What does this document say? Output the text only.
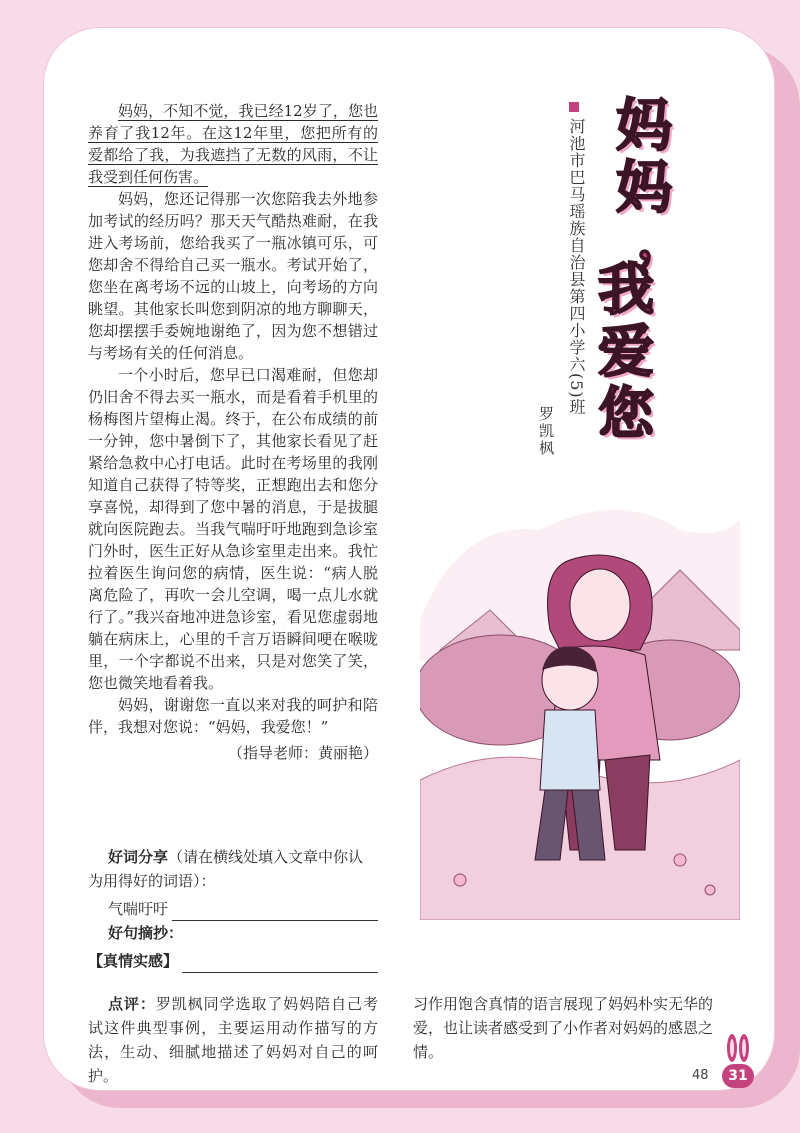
妈妈，不知不觉，我已经12岁了，您也养育了我12年。在这12年里，您把所有的爱都给了我，为我遮挡了无数的风雨，不让我受到任何伤害。

妈妈，您还记得那一次您陪我去外地参加考试的经历吗？那天天气酷热难耐，在我进入考场前，您给我买了一瓶冰镇可乐，可您却舍不得给自己买一瓶水。考试开始了，您坐在离考场不远的山坡上，向考场的方向眺望。其他家长叫您到阴凉的地方聊聊天，您却摆摆手委婉地谢绝了，因为您不想错过与考场有关的任何消息。

一个小时后，您早已口渴难耐，但您却仍旧舍不得去买一瓶水，而是看着手机里的杨梅图片望梅止渴。终于，在公布成绩的前一分钟，您中暑倒下了，其他家长看见了赶紧给急救中心打电话。此时在考场里的我刚知道自己获得了特等奖，正想跑出去和您分享喜悦，却得到了您中暑的消息，于是拔腿就向医院跑去。当我气喘吁吁地跑到急诊室门外时，医生正好从急诊室里走出来。我忙拉着医生询问您的病情，医生说：“病人脱离危险了，再吹一会儿空调，喝一点儿水就行了。”我兴奋地冲进急诊室，看见您虚弱地躺在病床上，心里的千言万语瞬间哽在喉咙里，一个字都说不出来，只是对您笑了笑，您也微笑地看着我。

妈妈，谢谢您一直以来对我的呵护和陪伴，我想对您说：“妈妈，我爱您！”

（指导老师：黄丽艳）
好词分享（请在横线处填入文章中你认为用得好的词语）：
气喘吁吁
好句摘抄：
【真情实感】
点评：罗凯枫同学选取了妈妈陪自己考试这件典型事例，主要运用动作描写的方法，生动、细腻地描述了妈妈对自己的呵护。
习作用饱含真情的语言展现了妈妈朴实无华的爱，也让读者感受到了小作者对妈妈的感恩之情。
河池市巴马瑶族自治县第四小学六(5)班
罗凯枫
妈
妈
，
我
爱
您
48	31
